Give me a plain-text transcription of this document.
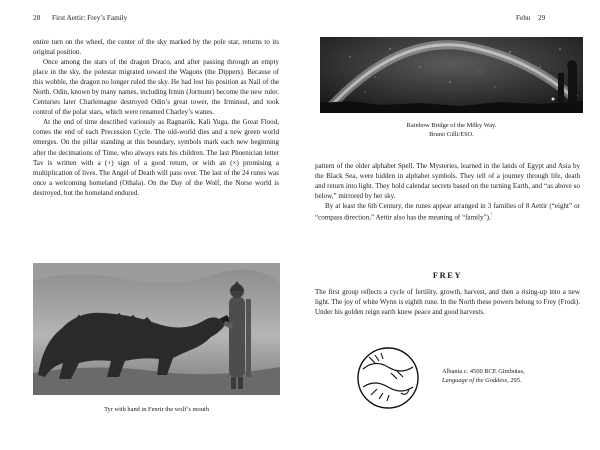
28 First Aettir: Frey’s Family

entire turn on the wheel, the center of the sky marked by the pole star, returns to its original position.

Once among the stars of the dragon Draco, and after passing through an empty place in the sky, the polestar migrated toward the Wagons (the Dippers). Because of this wobble, the dragon no longer ruled the sky. He had lost his position as Nail of the North. Odin, known by many names, including Irmin (Jormunr) become the new ruler. Centuries later Charlemagne destroyed Odin’s great tower, the Irminsul, and took control of the polar stars, which were renamed Charley’s wanes.

At the end of time described variously as Ragnarök, Kali Yuga, the Great Flood, comes the end of each Precession Cycle. The old-world dies and a new green world emerges. On the pillar standing at this boundary, symbols mark each new beginning after the decimations of Time, who always eats his children. The last Phoenician letter Tav is written with a (+) sign of a good return, or with an (×) promising a multiplication of lives. The Angel of Death will pass over. The last of the 24 runes was once a welcoming homeland (Othala). On the Day of the Wolf, the Norse world is destroyed, but the homeland endured.

Tyr with hand in Fenrir the wolf’s mouth
Fehu 29
Rainbow Bridge of the Milky Way.
Bruno Gilli/ESO.

pattern of the older alphabet Spell. The Mysteries, learned in the lands of Egypt and Asia by the Black Sea, were hidden in alphabet symbols. They tell of a journey through life, death and return into light. They hold calendar secrets based on the turning Earth, and “as above so below,” mirrored by her sky.

By at least the 6th Century, the runes appear arranged in 3 families of 8 Aettir (“eight” or “compass direction,” Aettir also has the meaning of “family”).$^{^1}$

FREY

The first group reflects a cycle of fertility, growth, harvest, and then a rising-up into a new light. The joy of white Wynn is eighth rune. In the North these powers belong to Frey (Frodi). Under his golden reign earth knew peace and good harvests.

Albania c. 4500 BCE Gimbutas,
Language of the Goddess, 295.
